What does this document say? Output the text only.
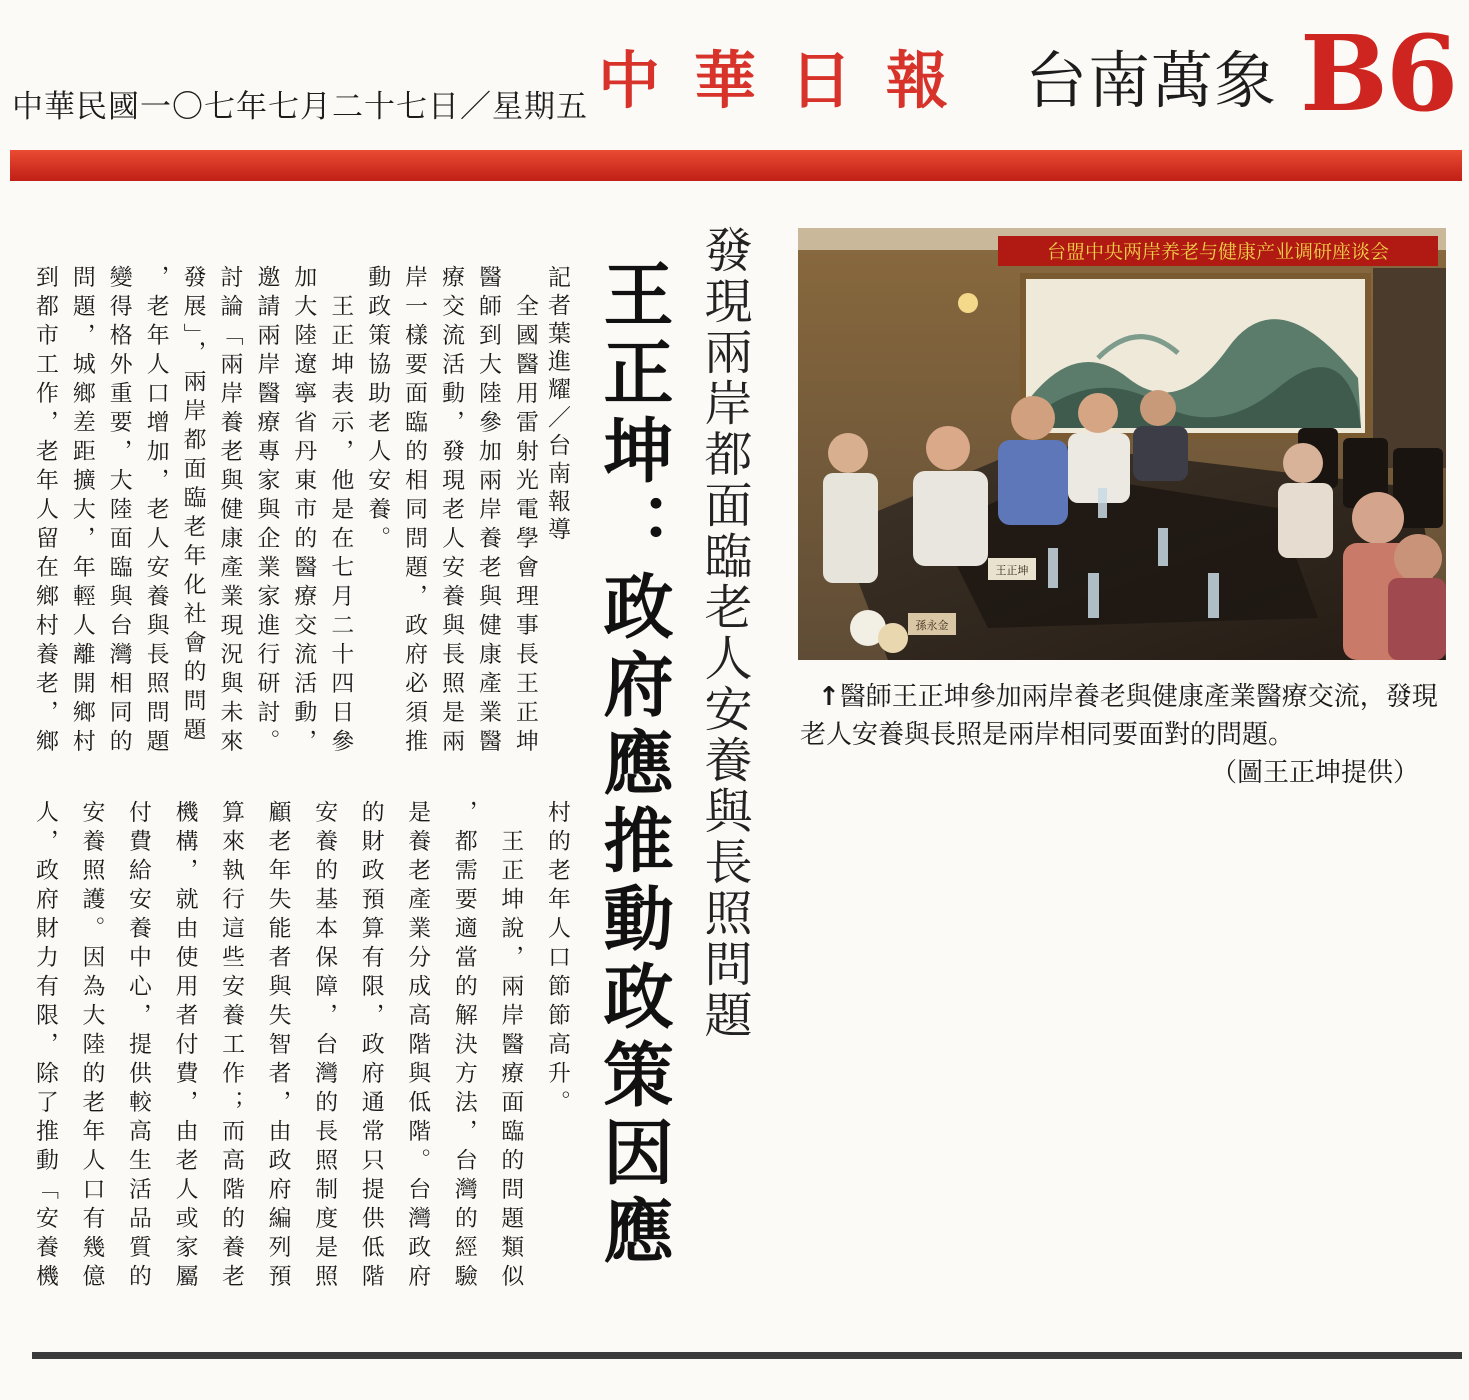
中華民國一〇七年七月二十七日／星期五 中華日報 台南萬象 B6
王正坤：政府應推動政策因應 發現兩岸都面臨老人安養與長照問題
記者葉進耀／台南報導
　全國醫用雷射光電學會理事長王正坤
醫師到大陸參加兩岸養老與健康產業醫
療交流活動，發現老人安養與長照是兩
岸一樣要面臨的相同問題，政府必須推
動政策協助老人安養。
　王正坤表示，他是在七月二十四日參
加大陸遼寧省丹東市的醫療交流活動，
邀請兩岸醫療專家與企業家進行研討。
討論「兩岸養老與健康產業現況與未來
發展」，兩岸都面臨老年化社會的問題
，老年人口增加，老人安養與長照問題
村的老年人口節節高升。
　王正坤說，兩岸醫療面臨的問題類似
，都需要適當的解決方法，台灣的經驗
是養老產業分成高階與低階。台灣政府
的財政預算有限，政府通常只提供低階
安養的基本保障，台灣的長照制度是照
顧老年失能者與失智者，由政府編列預
算來執行這些安養工作；而高階的養老
機構，就由使用者付費，由老人或家屬
付費給安養中心，提供較高生活品質的
安養照護。因為大陸的老年人口有幾億
人，政府財力有限，除了推動「安養機
台盟中央两岸养老与健康产业调研座谈会
孫永金
王正坤

↑醫師王正坤參加兩岸養老與健康產業醫療交流，發現老人安養與長照是兩岸相同要面對的問題。

（圖王正坤提供）

變得格外重要，大陸面臨與台灣相同的
問題，城鄉差距擴大，年輕人離開鄉村
到都市工作，老年人留在鄉村養老，鄉
